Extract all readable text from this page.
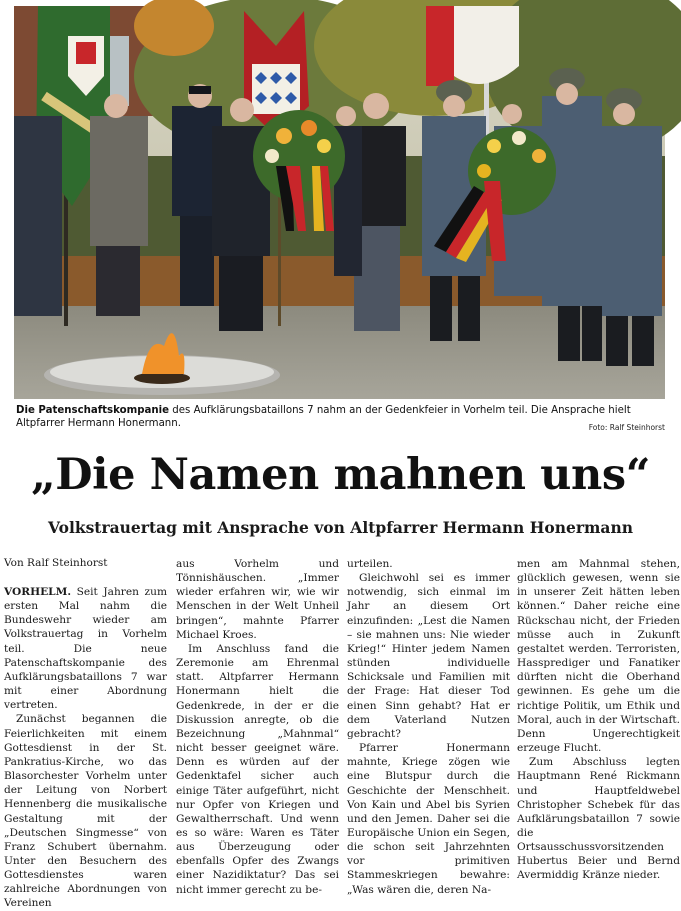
Die Patenschaftskompanie des Aufklärungsbataillons 7 nahm an der Gedenkfeier in Vorhelm teil. Die Ansprache hielt Altpfarrer Hermann Honermann.	Foto: Ralf Steinhorst
„Die Namen mahnen uns“
Volkstrauertag mit Ansprache von Altpfarrer Hermann Honermann
Von Ralf Steinhorst

VORHELM. Seit Jahren zum ersten Mal nahm die Bundeswehr wieder am Volkstrauertag in Vorhelm teil. Die neue Patenschaftskompanie des Aufklärungsbataillons 7 war mit einer Abordnung vertreten.

Zunächst begannen die Feierlichkeiten mit einem Gottesdienst in der St. Pankratius-Kirche, wo das Blasorchester Vorhelm unter der Leitung von Norbert Hennenberg die musikalische Gestaltung mit der „Deutschen Singmesse“ von Franz Schubert übernahm. Unter den Besuchern des Gottesdienstes waren zahlreiche Abordnungen von Vereinen

aus Vorhelm und Tönnishäuschen. „Immer wieder erfahren wir, wie wir Menschen in der Welt Unheil bringen“, mahnte Pfarrer Michael Kroes.

Im Anschluss fand die Zeremonie am Ehrenmal statt. Altpfarrer Hermann Honermann hielt die Gedenkrede, in der er die Diskussion anregte, ob die Bezeichnung „Mahnmal“ nicht besser geeignet wäre. Denn es würden auf der Gedenktafel sicher auch einige Täter aufgeführt, nicht nur Opfer von Kriegen und Gewaltherrschaft. Und wenn es so wäre: Waren es Täter aus Überzeugung oder ebenfalls Opfer des Zwangs einer Nazidiktatur? Das sei nicht immer gerecht zu be-

urteilen.

Gleichwohl sei es immer notwendig, sich einmal im Jahr an diesem Ort einzufinden: „Lest die Namen – sie mahnen uns: Nie wieder Krieg!“ Hinter jedem Namen stünden individuelle Schicksale und Familien mit der Frage: Hat dieser Tod einen Sinn gehabt? Hat er dem Vaterland Nutzen gebracht?

Pfarrer Honermann mahnte, Kriege zögen wie eine Blutspur durch die Geschichte der Menschheit. Von Kain und Abel bis Syrien und den Jemen. Daher sei die Europäische Union ein Segen, die schon seit Jahrzehnten vor primitiven Stammeskriegen bewahre: „Was wären die, deren Na-

men am Mahnmal stehen, glücklich gewesen, wenn sie in unserer Zeit hätten leben können.“ Daher reiche eine Rückschau nicht, der Frieden müsse auch in Zukunft gestaltet werden. Terroristen, Hassprediger und Fanatiker dürften nicht die Oberhand gewinnen. Es gehe um die richtige Politik, um Ethik und Moral, auch in der Wirtschaft. Denn Ungerechtigkeit erzeuge Flucht.

Zum Abschluss legten Hauptmann René Rickmann und Hauptfeldwebel Christopher Schebek für das Aufklärungsbataillon 7 sowie die Ortsausschussvorsitzenden Hubertus Beier und Bernd Avermiddig Kränze nieder.
